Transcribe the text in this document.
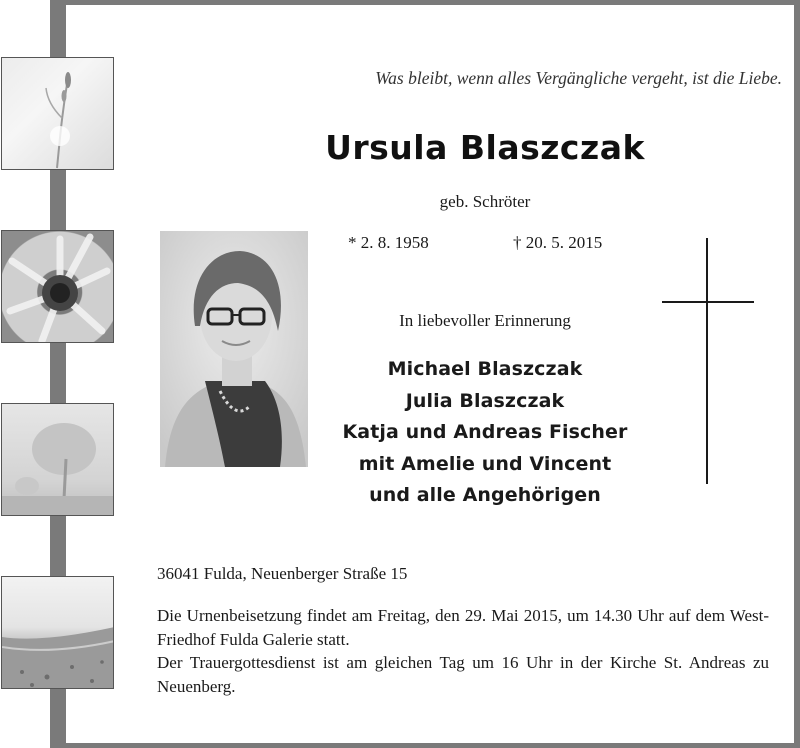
Was bleibt, wenn alles Vergängliche vergeht, ist die Liebe.
Ursula Blaszczak
geb. Schröter
* 2. 8. 1958	† 20. 5. 2015
In liebevoller Erinnerung
Michael Blaszczak
Julia Blaszczak
Katja und Andreas Fischer
mit Amelie und Vincent
und alle Angehörigen
36041 Fulda, Neuenberger Straße 15

Die Urnenbeisetzung findet am Freitag, den 29. Mai 2015, um 14.30 Uhr auf dem West-Friedhof Fulda Galerie statt.

Der Trauergottesdienst ist am gleichen Tag um 16 Uhr in der Kirche St. Andreas zu Neuenberg.
